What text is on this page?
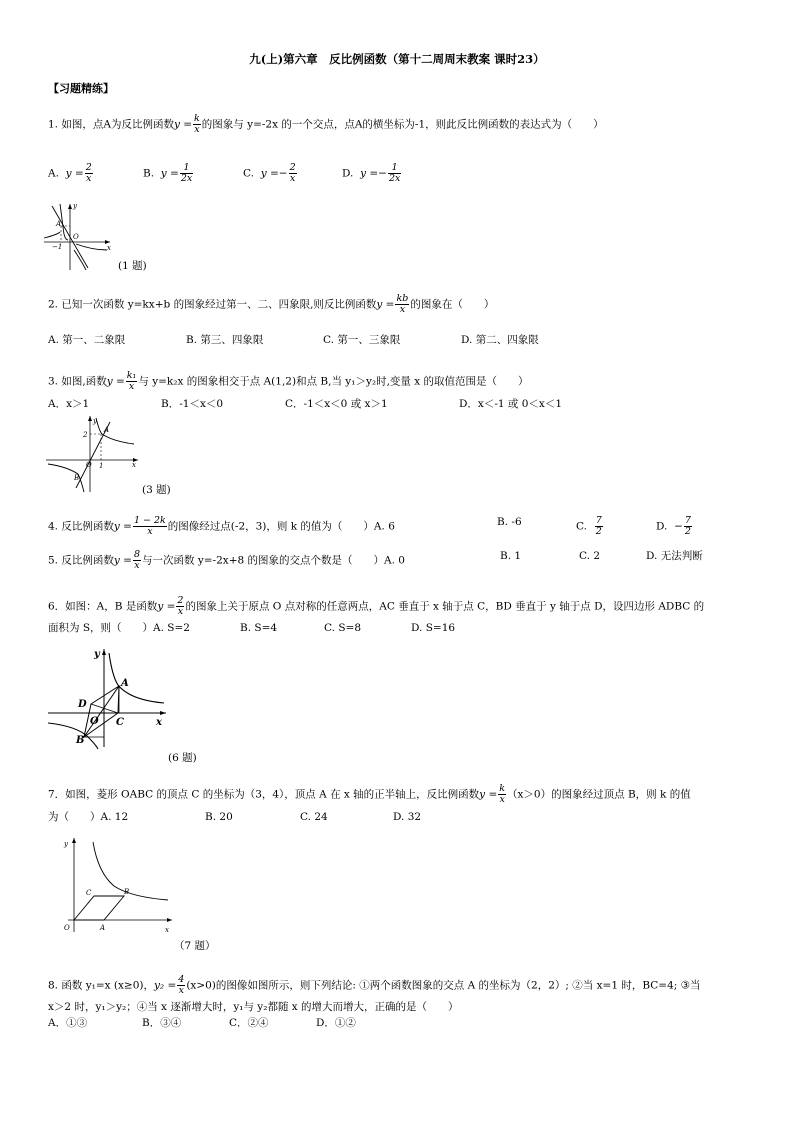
九(上)第六章　反比例函数（第十二周周末教案 课时23）
【习题精练】
1. 如图，点A为反比例函数$y = \frac{k}{x}$ 的图象与 y=-2x 的一个交点，点A的横坐标为-1，则此反比例函数的表达式为（　　）
A. $y = \frac{2}{x}$	B. $y = \frac{1}{2x}$	C. $y =- \frac{2}{x}$	D. $y =- \frac{1}{2x}$
y
x
O
A
−1
(1 题)
2. 已知一次函数 y=kx+b 的图象经过第一、二、四象限,则反比例函数$y = \frac{kb}{x}$ 的图象在（　　）
A. 第一、二象限	B. 第三、四象限	C. 第一、三象限	D. 第二、四象限
3. 如图,函数$y = \frac{\text{k₁}}{x}$ 与 y=k₂x 的图象相交于点 A(1,2)和点 B,当 y₁＞y₂时,变量 x 的取值范围是（　　）
A．x＞1	B．-1＜x＜0	C．-1＜x＜0 或 x＞1	D．x＜-1 或 0＜x＜1
y
x
O
A
B
2
1
(3 题)
4. 反比例函数$y = \frac{1 - 2k}{x}$ 的图像经过点(-2，3)，则 k 的值为（　　）A. 6	B. -6	C. $\frac{7}{2}$	D. − $\frac{7}{2}$
5. 反比例函数$y = \frac{8}{x}$ 与一次函数 y=-2x+8 的图象的交点个数是（　　）A. 0	B. 1	C. 2	D. 无法判断
6．如图：A，B 是函数$y = \frac{2}{x}$ 的图象上关于原点 O 点对称的任意两点，AC 垂直于 x 轴于点 C，BD 垂直于 y 轴于点 D，设四边形 ADBC 的
面积为 S，则（　　）A. S=2	B. S=4	C. S=8	D. S=16
y
x
O
A
B
C
D
(6 题)
7．如图，菱形 OABC 的顶点 C 的坐标为（3，4），顶点 A 在 x 轴的正半轴上，反比例函数$y = \frac{k}{x} (x>0)$的图象经过顶点 B，则 k 的值
为（　　）A. 12	B. 20	C. 24	D. 32
y
x
O	A
B
C
（7 题）
8. 函数 y₁=x (x≥0)，$y_2 = \frac{4}{x} (x>0)$的图像如图所示，则下列结论: ①两个函数图象的交点 A 的坐标为（2，2）; ②当 x=1 时，BC=4; ③当
x＞2 时，y₁＞y₂；④当 x 逐渐增大时，y₁与 y₂都随 x 的增大而增大，正确的是（　　）
A．①③	B．③④	C．②④	D．①②
